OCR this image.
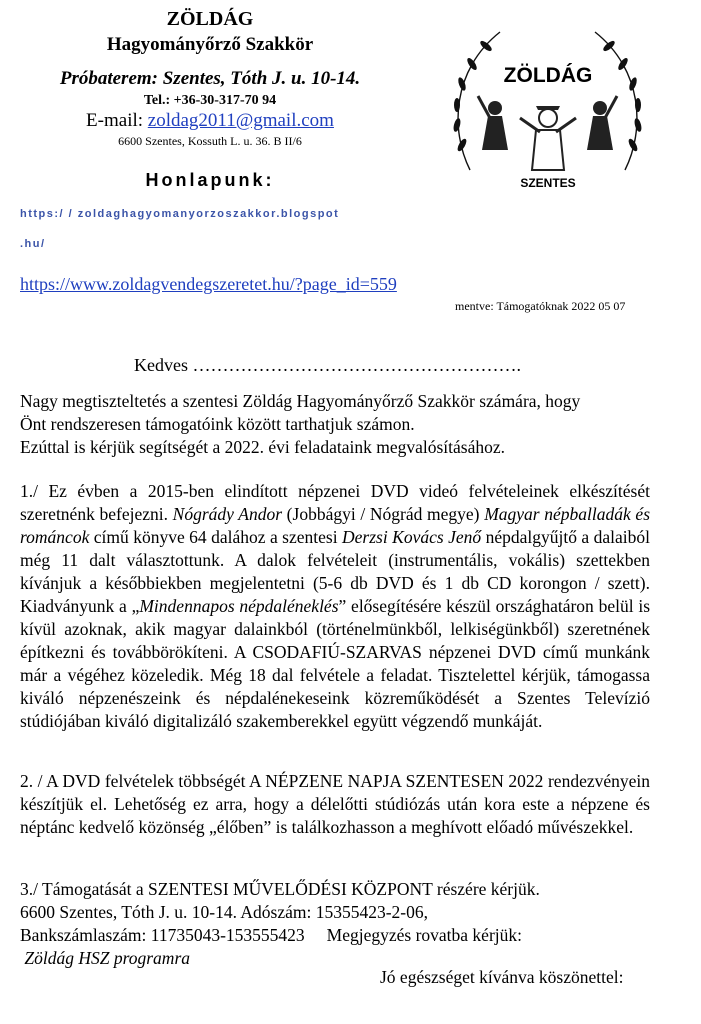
ZÖLDÁG
Hagyományőrző Szakkör
Próbaterem: Szentes, Tóth J. u. 10-14.
Tel.: +36-30-317-70 94
E-mail: zoldag2011@gmail.com
6600 Szentes, Kossuth L. u. 36. B II/6
Honlapunk:
https:/ / zoldaghagyomanyorzoszakkor.blogspot
.hu/
https://www.zoldagvendegszeretet.hu/?page_id=559
mentve: Támogatóknak 2022 05 07
ZÖLDÁG
SZENTES
Kedves ……………………………………………….

Nagy megtiszteltetés a szentesi Zöldág Hagyományőrző Szakkör számára, hogy

Önt rendszeresen támogatóink között tarthatjuk számon.

Ezúttal is kérjük segítségét a 2022. évi feladataink megvalósításához.

1./ Ez évben a 2015-ben elindított népzenei DVD videó felvételeinek elkészítését szeretnénk befejezni. Nógrády Andor (Jobbágyi / Nógrád megye) Magyar népballadák és románcok című könyve 64 dalához a szentesi Derzsi Kovács Jenő népdalgyűjtő a dalaiból még 11 dalt választottunk. A dalok felvételeit (instrumentális, vokális) szettekben kívánjuk a későbbiekben megjelentetni (5-6 db DVD és 1 db CD korongon / szett). Kiadványunk a „Mindennapos népdaléneklés” elősegítésére készül országhatáron belül is kívül azoknak, akik magyar dalainkból (történelmünkből, lelkiségünkből) szeretnének építkezni és továbbörökíteni. A CSODAFIÚ-SZARVAS népzenei DVD című munkánk már a végéhez közeledik. Még 18 dal felvétele a feladat. Tisztelettel kérjük, támogassa kiváló népzenészeink és népdalénekeseink közreműködését a Szentes Televízió stúdiójában kiváló digitalizáló szakemberekkel együtt végzendő munkáját.
2. / A DVD felvételek többségét A NÉPZENE NAPJA SZENTESEN 2022 rendezvényein készítjük el. Lehetőség ez arra, hogy a délelőtti stúdiózás után kora este a népzene és néptánc kedvelő közönség „élőben” is találkozhasson a meghívott előadó művészekkel.

3./ Támogatását a SZENTESI MŰVELŐDÉSI KÖZPONT részére kérjük.

6600 Szentes, Tóth J. u. 10-14. Adószám: 15355423-2-06,

Bankszámlaszám: 11735043-153555423 Megjegyzés rovatba kérjük:

Zöldág HSZ programra

Jó egészséget kívánva köszönettel:
